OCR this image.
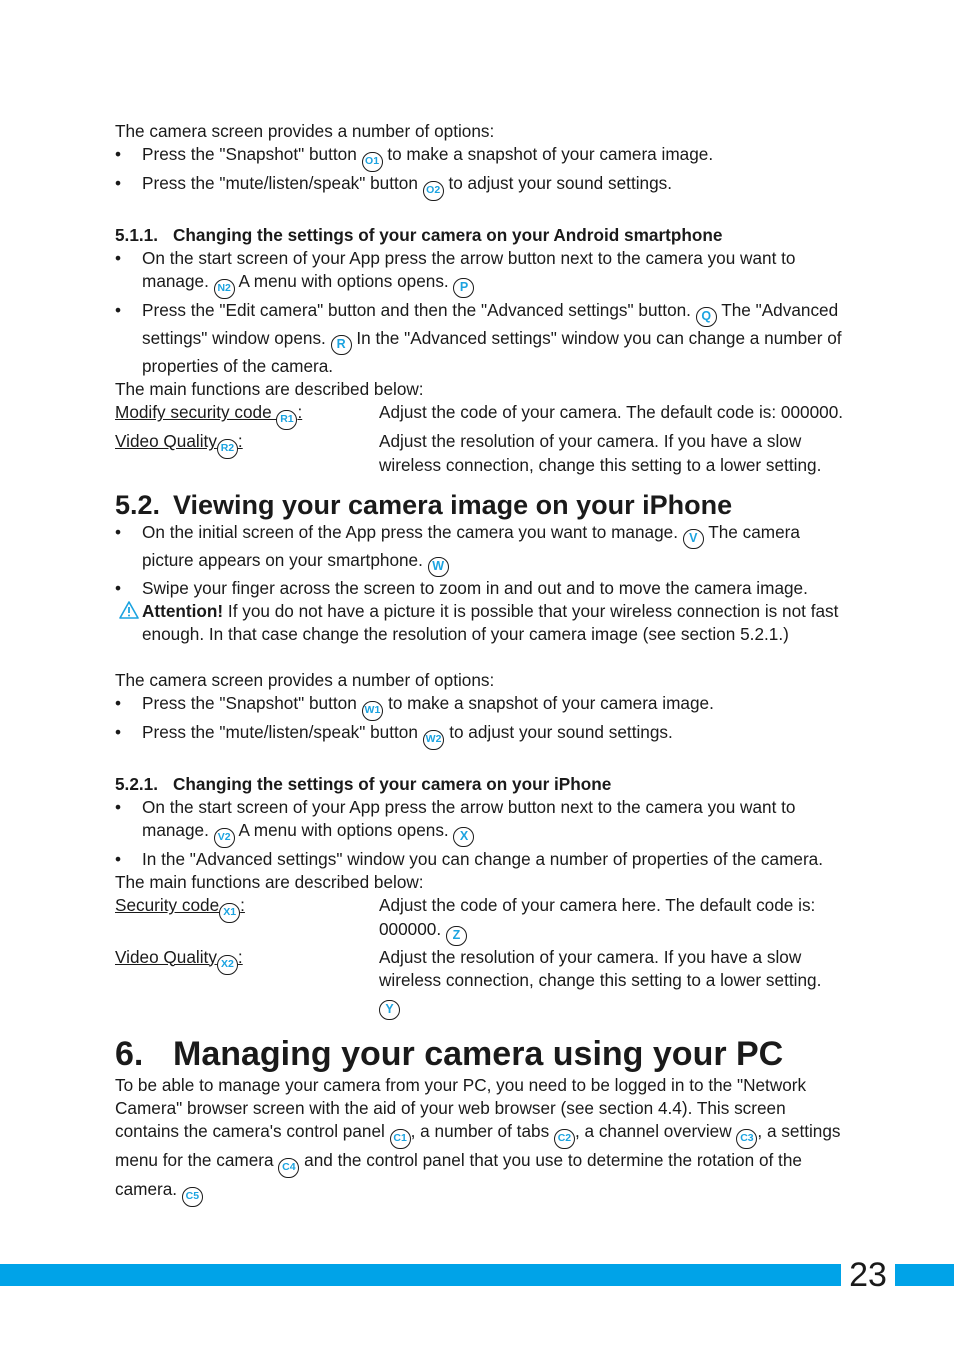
The camera screen provides a number of options:

• Press the "Snapshot" button O1 to make a snapshot of your camera image.
• Press the "mute/listen/speak" button O2 to adjust your sound settings.
5.1.1. Changing the settings of your camera on your Android smartphone
• On the start screen of your App press the arrow button next to the camera you want to manage. N2 A menu with options opens. P
• Press the "Edit camera" button and then the "Advanced settings" button. Q The "Advanced settings" window opens. R In the "Advanced settings" window you can change a number of properties of the camera.

The main functions are described below:

Modify security code R1 :	Adjust the code of your camera. The default code is: 000000.
Video Quality R2 :	Adjust the resolution of your camera. If you have a slow wireless connection, change this setting to a lower setting.
5.2. Viewing your camera image on your iPhone
• On the initial screen of the App press the camera you want to manage. V The camera picture appears on your smartphone. W
• Swipe your finger across the screen to zoom in and out and to move the camera image.
Attention! If you do not have a picture it is possible that your wireless connection is not fast enough. In that case change the resolution of your camera image (see section 5.2.1.)

The camera screen provides a number of options:

• Press the "Snapshot" button W1 to make a snapshot of your camera image.
• Press the "mute/listen/speak" button W2 to adjust your sound settings.
5.2.1. Changing the settings of your camera on your iPhone
• On the start screen of your App press the arrow button next to the camera you want to manage. V2 A menu with options opens. X
• In the "Advanced settings" window you can change a number of properties of the camera.

The main functions are described below:

Security code X1 :	Adjust the code of your camera here. The default code is: 000000. Z
Video Quality X2 :	Adjust the resolution of your camera. If you have a slow wireless connection, change this setting to a lower setting. Y
6. Managing your camera using your PC

To be able to manage your camera from your PC, you need to be logged in to the "Network Camera" browser screen with the aid of your web browser (see section 4.4). This screen contains the camera's control panel C1 , a number of tabs C2 , a channel overview C3 , a settings menu for the camera C4 and the control panel that you use to determine the rotation of the camera. C5

23
